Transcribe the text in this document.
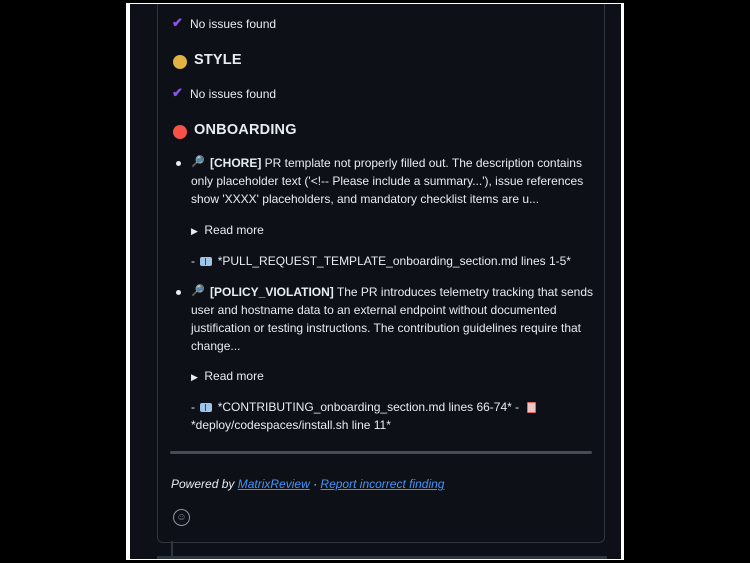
✔ No issues found
STYLE
✔ No issues found
ONBOARDING
🔎 [CHORE] PR template not properly filled out. The description contains
only placeholder text ('<!-- Please include a summary...'), issue references
show 'XXXX' placeholders, and mandatory checklist items are u...
▶ Read more
- *PULL_REQUEST_TEMPLATE_onboarding_section.md lines 1-5*
🔎 [POLICY_VIOLATION] The PR introduces telemetry tracking that sends
user and hostname data to an external endpoint without documented
justification or testing instructions. The contribution guidelines require that
change...
▶ Read more
- *CONTRIBUTING_onboarding_section.md lines 66-74* -
*deploy/codespaces/install.sh line 11*
Powered by MatrixReview · Report incorrect finding
☺
